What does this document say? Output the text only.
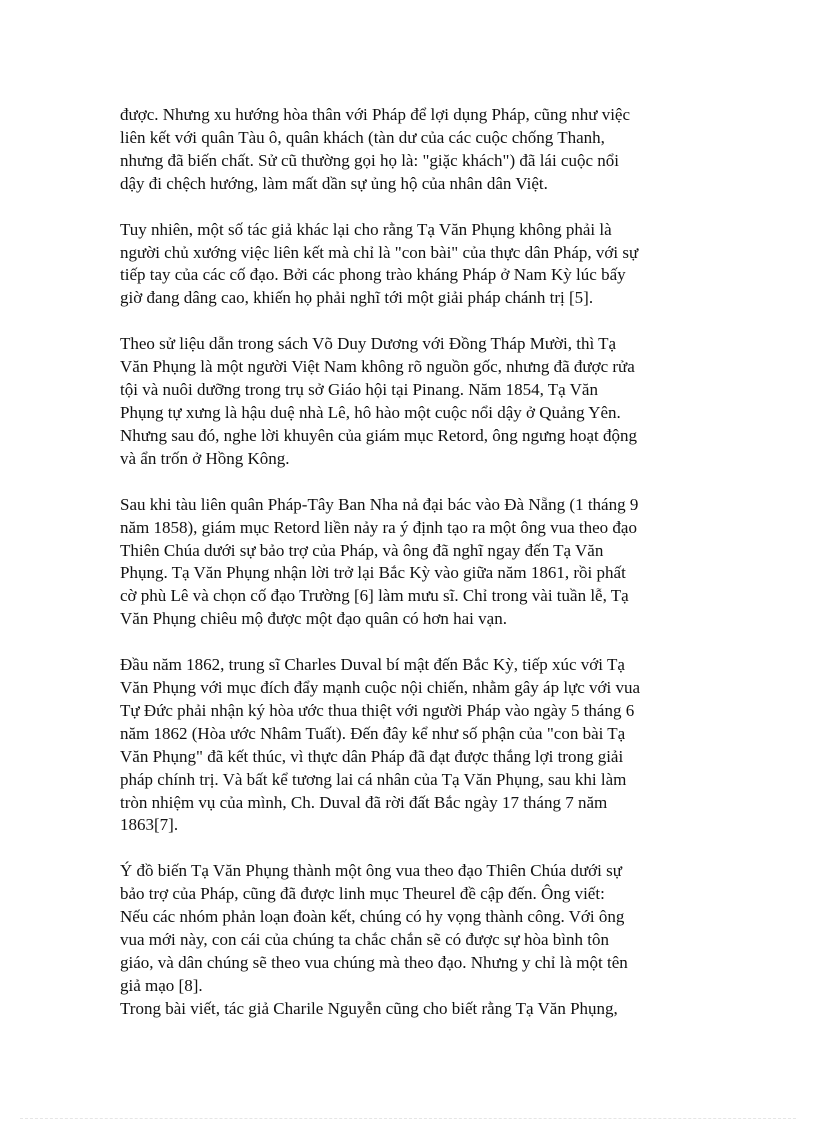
được. Nhưng xu hướng hòa thân với Pháp để lợi dụng Pháp, cũng như việc
liên kết với quân Tàu ô, quân khách (tàn dư của các cuộc chống Thanh,
nhưng đã biến chất. Sử cũ thường gọi họ là: "giặc khách") đã lái cuộc nổi
dậy đi chệch hướng, làm mất dần sự ủng hộ của nhân dân Việt.

Tuy nhiên, một số tác giả khác lại cho rằng Tạ Văn Phụng không phải là
người chủ xướng việc liên kết mà chỉ là "con bài" của thực dân Pháp, với sự
tiếp tay của các cố đạo. Bởi các phong trào kháng Pháp ở Nam Kỳ lúc bấy
giờ đang dâng cao, khiến họ phải nghĩ tới một giải pháp chánh trị [5].

Theo sử liệu dẫn trong sách Võ Duy Dương với Đồng Tháp Mười, thì Tạ
Văn Phụng là một người Việt Nam không rõ nguồn gốc, nhưng đã được rửa
tội và nuôi dưỡng trong trụ sở Giáo hội tại Pinang. Năm 1854, Tạ Văn
Phụng tự xưng là hậu duệ nhà Lê, hô hào một cuộc nổi dậy ở Quảng Yên.
Nhưng sau đó, nghe lời khuyên của giám mục Retord, ông ngưng hoạt động
và ẩn trốn ở Hồng Kông.

Sau khi tàu liên quân Pháp-Tây Ban Nha nả đại bác vào Đà Nẵng (1 tháng 9
năm 1858), giám mục Retord liền nảy ra ý định tạo ra một ông vua theo đạo
Thiên Chúa dưới sự bảo trợ của Pháp, và ông đã nghĩ ngay đến Tạ Văn
Phụng. Tạ Văn Phụng nhận lời trở lại Bắc Kỳ vào giữa năm 1861, rồi phất
cờ phù Lê và chọn cố đạo Trường [6] làm mưu sĩ. Chỉ trong vài tuần lễ, Tạ
Văn Phụng chiêu mộ được một đạo quân có hơn hai vạn.

Đầu năm 1862, trung sĩ Charles Duval bí mật đến Bắc Kỳ, tiếp xúc với Tạ
Văn Phụng với mục đích đẩy mạnh cuộc nội chiến, nhằm gây áp lực với vua
Tự Đức phải nhận ký hòa ước thua thiệt với người Pháp vào ngày 5 tháng 6
năm 1862 (Hòa ước Nhâm Tuất). Đến đây kể như số phận của "con bài Tạ
Văn Phụng" đã kết thúc, vì thực dân Pháp đã đạt được thắng lợi trong giải
pháp chính trị. Và bất kể tương lai cá nhân của Tạ Văn Phụng, sau khi làm
tròn nhiệm vụ của mình, Ch. Duval đã rời đất Bắc ngày 17 tháng 7 năm
1863[7].

Ý đồ biến Tạ Văn Phụng thành một ông vua theo đạo Thiên Chúa dưới sự
bảo trợ của Pháp, cũng đã được linh mục Theurel đề cập đến. Ông viết:
Nếu các nhóm phản loạn đoàn kết, chúng có hy vọng thành công. Với ông
vua mới này, con cái của chúng ta chắc chắn sẽ có được sự hòa bình tôn
giáo, và dân chúng sẽ theo vua chúng mà theo đạo. Nhưng y chỉ là một tên
giả mạo [8].

Trong bài viết, tác giả Charile Nguyễn cũng cho biết rằng Tạ Văn Phụng,
